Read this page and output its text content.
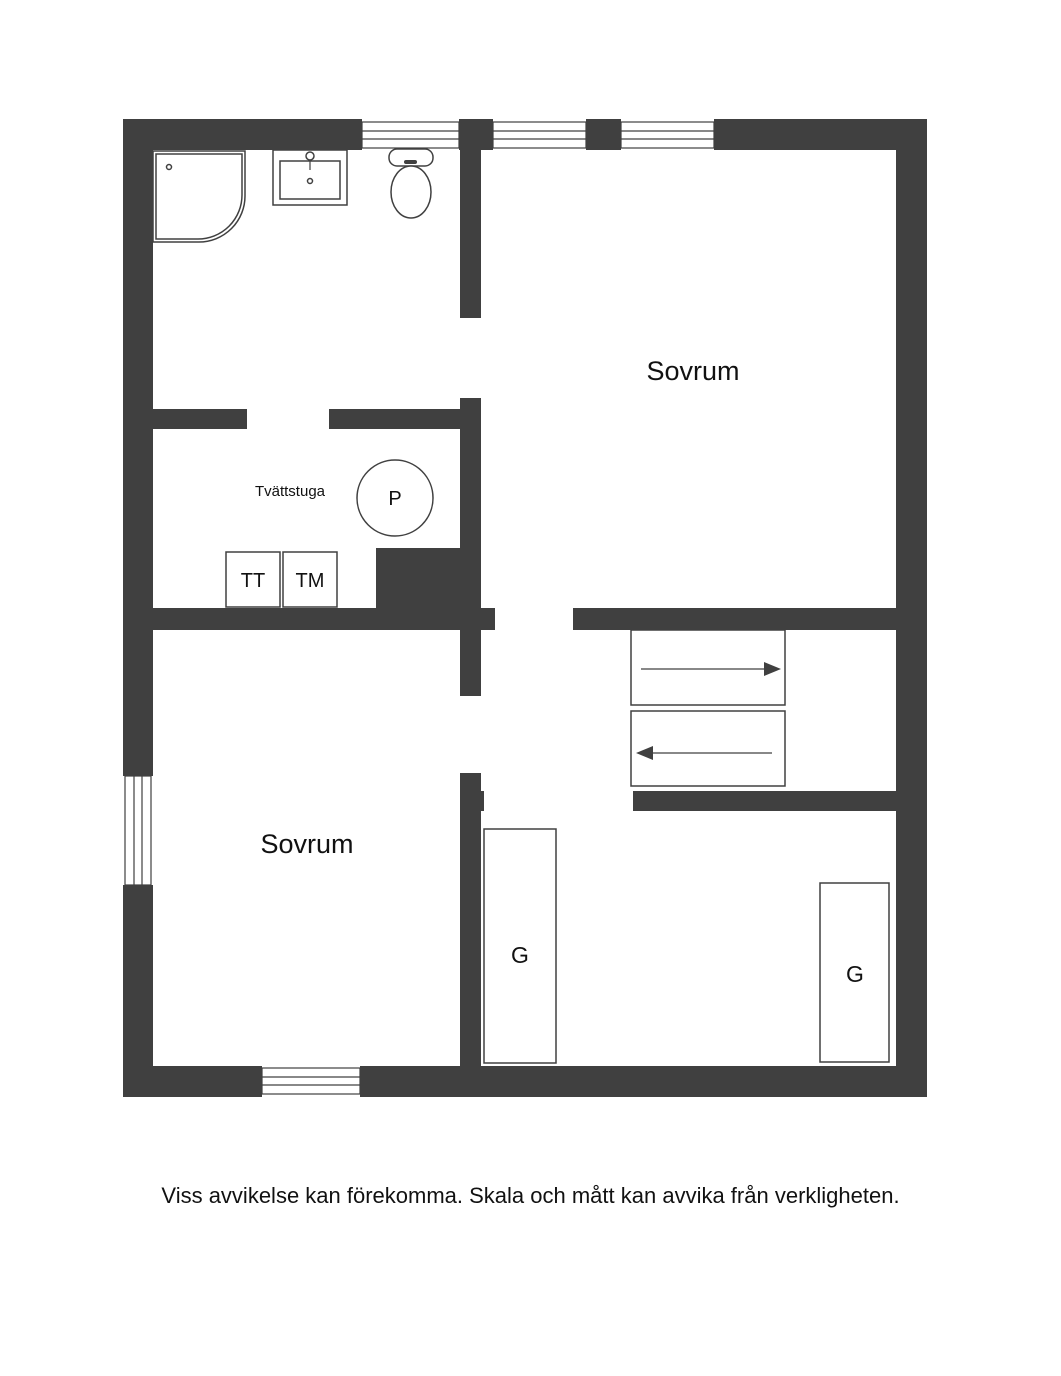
P
TT TM
Tvättstuga
G
G
Sovrum
Sovrum
Viss avvikelse kan förekomma. Skala och mått kan avvika från verkligheten.
